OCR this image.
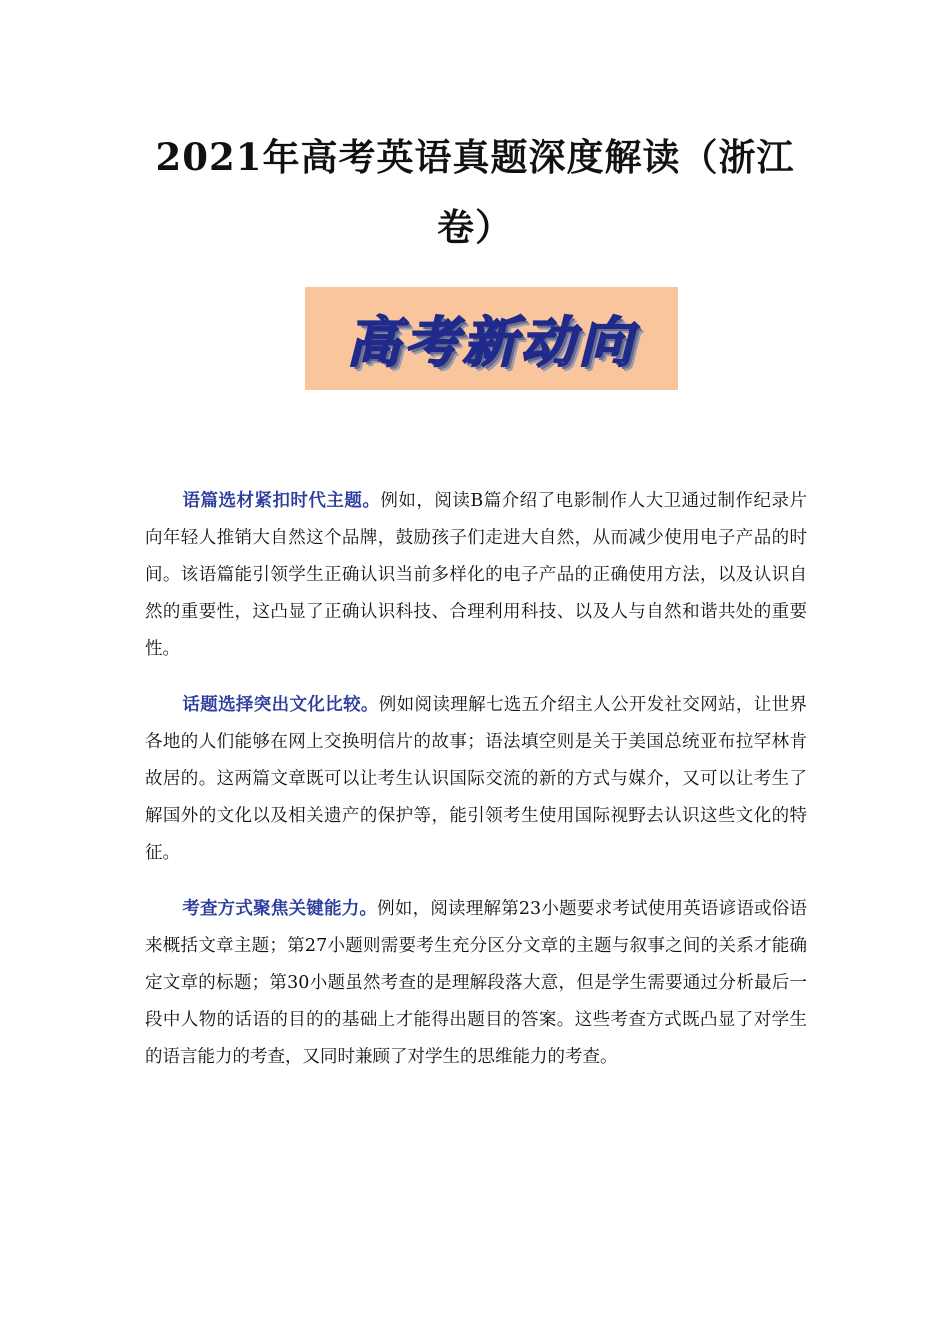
2021年高考英语真题深度解读（浙江卷）
高考新动向

语篇选材紧扣时代主题。例如，阅读B篇介绍了电影制作人大卫通过制作纪录片向年轻人推销大自然这个品牌，鼓励孩子们走进大自然，从而减少使用电子产品的时间。该语篇能引领学生正确认识当前多样化的电子产品的正确使用方法，以及认识自然的重要性，这凸显了正确认识科技、合理利用科技、以及人与自然和谐共处的重要性。

话题选择突出文化比较。例如阅读理解七选五介绍主人公开发社交网站，让世界各地的人们能够在网上交换明信片的故事；语法填空则是关于美国总统亚布拉罕林肯故居的。这两篇文章既可以让考生认识国际交流的新的方式与媒介，又可以让考生了解国外的文化以及相关遗产的保护等，能引领考生使用国际视野去认识这些文化的特征。

考查方式聚焦关键能力。例如，阅读理解第23小题要求考试使用英语谚语或俗语来概括文章主题；第27小题则需要考生充分区分文章的主题与叙事之间的关系才能确定文章的标题；第30小题虽然考查的是理解段落大意，但是学生需要通过分析最后一段中人物的话语的目的的基础上才能得出题目的答案。这些考查方式既凸显了对学生的语言能力的考查，又同时兼顾了对学生的思维能力的考查。
